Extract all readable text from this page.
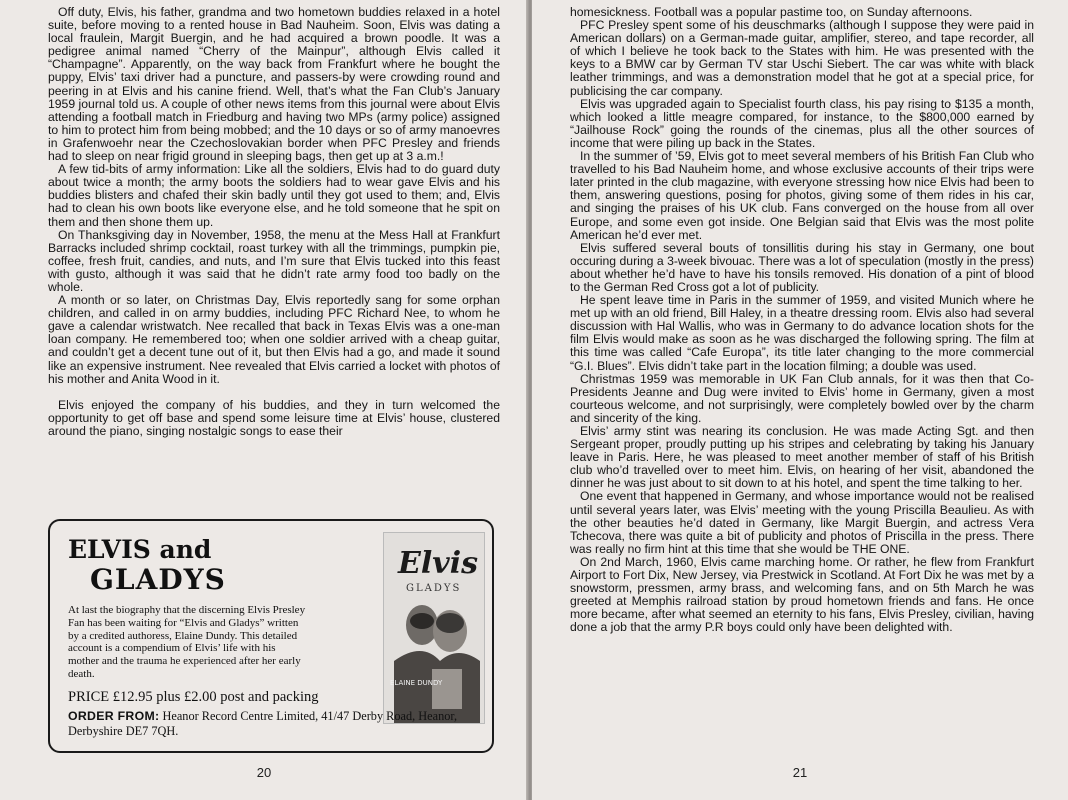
Off duty, Elvis, his father, grandma and two hometown buddies relaxed in a hotel suite, before moving to a rented house in Bad Nauheim. Soon, Elvis was dating a local fraulein, Margit Buergin, and he had acquired a brown poodle. It was a pedigree animal named “Cherry of the Mainpur”, although Elvis called it “Champagne”. Apparently, on the way back from Frankfurt where he bought the puppy, Elvis’ taxi driver had a puncture, and passers-by were crowding round and peering in at Elvis and his canine friend. Well, that’s what the Fan Club’s January 1959 journal told us. A couple of other news items from this journal were about Elvis attending a football match in Friedburg and having two MPs (army police) assigned to him to protect him from being mobbed; and the 10 days or so of army manoevres in Grafenwoehr near the Czechoslovakian border when PFC Presley and friends had to sleep on near frigid ground in sleeping bags, then get up at 3 a.m.!

A few tid-bits of army information: Like all the soldiers, Elvis had to do guard duty about twice a month; the army boots the soldiers had to wear gave Elvis and his buddies blisters and chafed their skin badly until they got used to them; and, Elvis had to clean his own boots like everyone else, and he told someone that he spit on them and then shone them up.

On Thanksgiving day in November, 1958, the menu at the Mess Hall at Frankfurt Barracks included shrimp cocktail, roast turkey with all the trimmings, pumpkin pie, coffee, fresh fruit, candies, and nuts, and I’m sure that Elvis tucked into this feast with gusto, although it was said that he didn’t rate army food too badly on the whole.

A month or so later, on Christmas Day, Elvis reportedly sang for some orphan children, and called in on army buddies, including PFC Richard Nee, to whom he gave a calendar wristwatch. Nee recalled that back in Texas Elvis was a one-man loan company. He remembered too; when one soldier arrived with a cheap guitar, and couldn’t get a decent tune out of it, but then Elvis had a go, and made it sound like an expensive instrument. Nee revealed that Elvis carried a locket with photos of his mother and Anita Wood in it.

Elvis enjoyed the company of his buddies, and they in turn welcomed the opportunity to get off base and spend some leisure time at Elvis’ house, clustered around the piano, singing nostalgic songs to ease their

ELVIS and
GLADYS	Elvis
GLADYS
ELAINE DUNDY
At last the biography that the discerning Elvis Presley Fan has been waiting for “Elvis and Gladys” written by a credited authoress, Elaine Dundy. This detailed account is a compendium of Elvis’ life with his mother and the trauma he experienced after her early death.
PRICE £12.95 plus £2.00 post and packing
ORDER FROM: Heanor Record Centre Limited, 41/47 Derby Road, Heanor, Derbyshire DE7 7QH.
20

homesickness. Football was a popular pastime too, on Sunday afternoons.

PFC Presley spent some of his deuschmarks (although I suppose they were paid in American dollars) on a German-made guitar, amplifier, stereo, and tape recorder, all of which I believe he took back to the States with him. He was presented with the keys to a BMW car by German TV star Uschi Siebert. The car was white with black leather trimmings, and was a demonstration model that he got at a special price, for publicising the car company.

Elvis was upgraded again to Specialist fourth class, his pay rising to $135 a month, which looked a little meagre compared, for instance, to the $800,000 earned by “Jailhouse Rock” going the rounds of the cinemas, plus all the other sources of income that were piling up back in the States.

In the summer of ’59, Elvis got to meet several members of his British Fan Club who travelled to his Bad Nauheim home, and whose exclusive accounts of their trips were later printed in the club magazine, with everyone stressing how nice Elvis had been to them, answering questions, posing for photos, giving some of them rides in his car, and singing the praises of his UK club. Fans converged on the house from all over Europe, and some even got inside. One Belgian said that Elvis was the most polite American he’d ever met.

Elvis suffered several bouts of tonsillitis during his stay in Germany, one bout occuring during a 3-week bivouac. There was a lot of speculation (mostly in the press) about whether he’d have to have his tonsils removed. His donation of a pint of blood to the German Red Cross got a lot of publicity.

He spent leave time in Paris in the summer of 1959, and visited Munich where he met up with an old friend, Bill Haley, in a theatre dressing room. Elvis also had several discussion with Hal Wallis, who was in Germany to do advance location shots for the film Elvis would make as soon as he was discharged the following spring. The film at this time was called “Cafe Europa”, its title later changing to the more commercial “G.I. Blues”. Elvis didn’t take part in the location filming; a double was used.

Christmas 1959 was memorable in UK Fan Club annals, for it was then that Co-Presidents Jeanne and Dug were invited to Elvis’ home in Germany, given a most courteous welcome, and not surprisingly, were completely bowled over by the charm and sincerity of the king.

Elvis’ army stint was nearing its conclusion. He was made Acting Sgt. and then Sergeant proper, proudly putting up his stripes and celebrating by taking his January leave in Paris. Here, he was pleased to meet another member of staff of his British club who’d travelled over to meet him. Elvis, on hearing of her visit, abandoned the dinner he was just about to sit down to at his hotel, and spent the time talking to her.

One event that happened in Germany, and whose importance would not be realised until several years later, was Elvis’ meeting with the young Priscilla Beaulieu. As with the other beauties he’d dated in Germany, like Margit Buergin, and actress Vera Tchecova, there was quite a bit of publicity and photos of Priscilla in the press. There was really no firm hint at this time that she would be THE ONE.

On 2nd March, 1960, Elvis came marching home. Or rather, he flew from Frankfurt Airport to Fort Dix, New Jersey, via Prestwick in Scotland. At Fort Dix he was met by a snowstorm, pressmen, army brass, and welcoming fans, and on 5th March he was greeted at Memphis railroad station by proud hometown friends and fans. He once more became, after what seemed an eternity to his fans, Elvis Presley, civilian, having done a job that the army P.R boys could only have been delighted with.

21
